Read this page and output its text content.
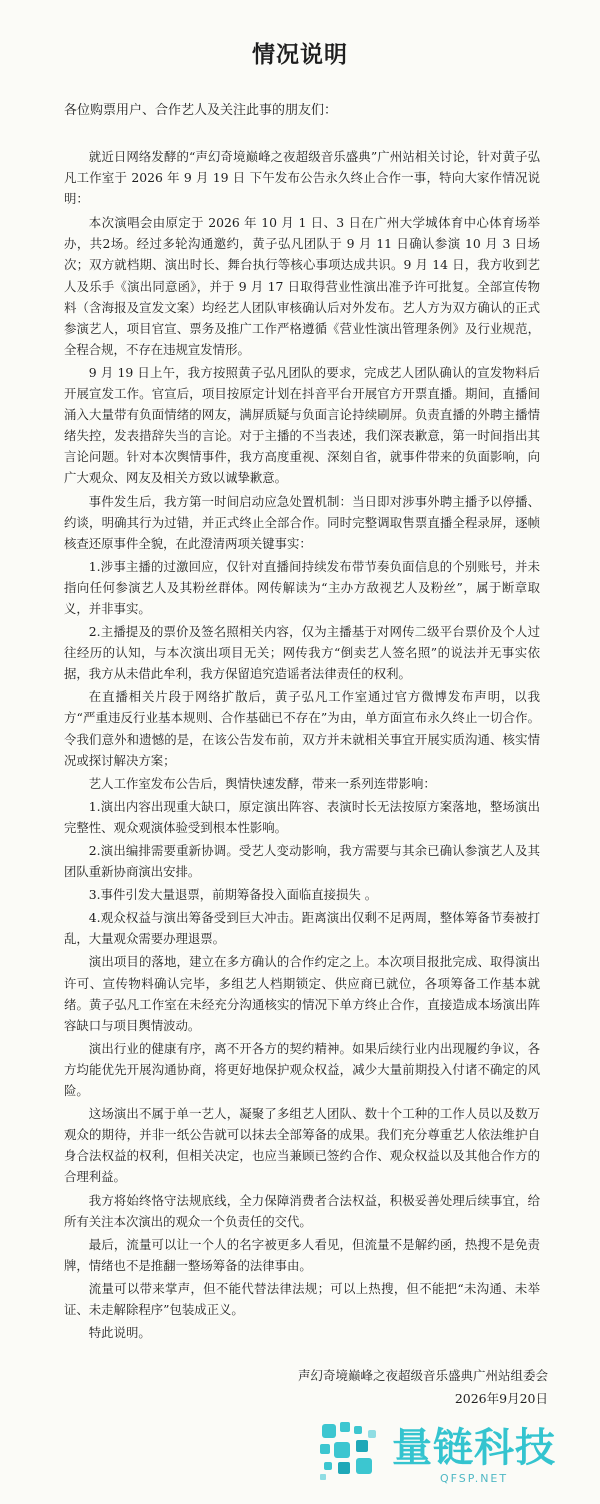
情况说明

各位购票用户、合作艺人及关注此事的朋友们：

就近日网络发酵的“声幻奇境巅峰之夜超级音乐盛典”广州站相关讨论，针对黄子弘凡工作室于 2026 年 9 月 19 日 下午发布公告永久终止合作一事，特向大家作情况说明：

本次演唱会由原定于 2026 年 10 月 1 日、3 日在广州大学城体育中心体育场举办，共2场。经过多轮沟通邀约，黄子弘凡团队于 9 月 11 日确认参演 10 月 3 日场次；双方就档期、演出时长、舞台执行等核心事项达成共识。9 月 14 日，我方收到艺人及乐手《演出同意函》，并于 9 月 17 日取得营业性演出准予许可批复。全部宣传物料（含海报及宣发文案）均经艺人团队审核确认后对外发布。艺人方为双方确认的正式参演艺人，项目官宣、票务及推广工作严格遵循《营业性演出管理条例》及行业规范，全程合规，不存在违规宣发情形。

9 月 19 日上午，我方按照黄子弘凡团队的要求，完成艺人团队确认的宣发物料后开展宣发工作。官宣后，项目按原定计划在抖音平台开展官方开票直播。期间，直播间涌入大量带有负面情绪的网友，满屏质疑与负面言论持续刷屏。负责直播的外聘主播情绪失控，发表措辞失当的言论。对于主播的不当表述，我们深表歉意，第一时间指出其言论问题。针对本次舆情事件，我方高度重视、深刻自省，就事件带来的负面影响，向广大观众、网友及相关方致以诚挚歉意。

事件发生后，我方第一时间启动应急处置机制：当日即对涉事外聘主播予以停播、约谈，明确其行为过错，并正式终止全部合作。同时完整调取售票直播全程录屏，逐帧核查还原事件全貌，在此澄清两项关键事实：

1.涉事主播的过激回应，仅针对直播间持续发布带节奏负面信息的个别账号，并未指向任何参演艺人及其粉丝群体。网传解读为“主办方敌视艺人及粉丝”，属于断章取义，并非事实。

2.主播提及的票价及签名照相关内容，仅为主播基于对网传二级平台票价及个人过往经历的认知，与本次演出项目无关；网传我方“倒卖艺人签名照”的说法并无事实依据，我方从未借此牟利，我方保留追究造谣者法律责任的权利。

在直播相关片段于网络扩散后，黄子弘凡工作室通过官方微博发布声明，以我方“严重违反行业基本规则、合作基础已不存在”为由，单方面宣布永久终止一切合作。令我们意外和遗憾的是，在该公告发布前，双方并未就相关事宜开展实质沟通、核实情况或探讨解决方案；

艺人工作室发布公告后，舆情快速发酵，带来一系列连带影响：

1.演出内容出现重大缺口，原定演出阵容、表演时长无法按原方案落地，整场演出完整性、观众观演体验受到根本性影响。

2.演出编排需要重新协调。受艺人变动影响，我方需要与其余已确认参演艺人及其团队重新协商演出安排。

3.事件引发大量退票，前期筹备投入面临直接损失 。

4.观众权益与演出筹备受到巨大冲击。距离演出仅剩不足两周，整体筹备节奏被打乱，大量观众需要办理退票。

演出项目的落地，建立在多方确认的合作约定之上。本次项目报批完成、取得演出许可、宣传物料确认完毕，多组艺人档期锁定、供应商已就位，各项筹备工作基本就绪。黄子弘凡工作室在未经充分沟通核实的情况下单方终止合作，直接造成本场演出阵容缺口与项目舆情波动。

演出行业的健康有序，离不开各方的契约精神。如果后续行业内出现履约争议，各方均能优先开展沟通协商，将更好地保护观众权益，减少大量前期投入付诸不确定的风险。

这场演出不属于单一艺人，凝聚了多组艺人团队、数十个工种的工作人员以及数万观众的期待，并非一纸公告就可以抹去全部筹备的成果。我们充分尊重艺人依法维护自身合法权益的权利，但相关决定，也应当兼顾已签约合作、观众权益以及其他合作方的合理利益。

我方将始终恪守法规底线，全力保障消费者合法权益，积极妥善处理后续事宜，给所有关注本次演出的观众一个负责任的交代。

最后，流量可以让一个人的名字被更多人看见，但流量不是解约函，热搜不是免责牌，情绪也不是推翻一整场筹备的法律事由。

流量可以带来掌声，但不能代替法律法规；可以上热搜，但不能把“未沟通、未举证、未走解除程序”包装成正义。

特此说明。

声幻奇境巅峰之夜超级音乐盛典广州站组委会
2026年9月20日
量链科技
QFSP.NET
